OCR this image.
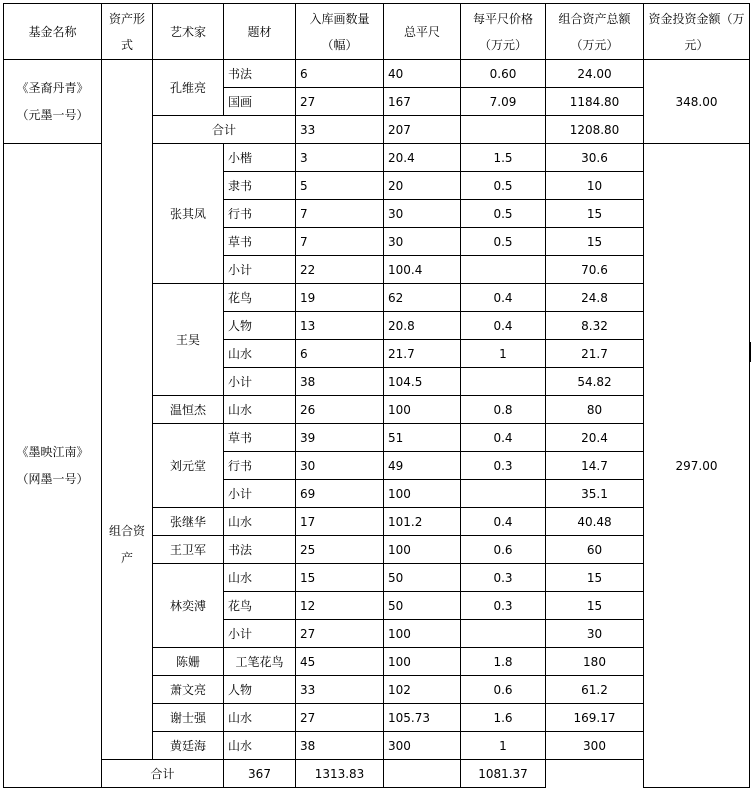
基金名称	资产形式	艺术家	题材	入库画数量（幅）	总平尺	每平尺价格（万元）	组合资产总额（万元）	资金投资金额（万元）
《圣裔丹青》（元墨一号）	组合资产	孔维亮	书法	6	40	0.60	24.00	348.00
			国画	27	167	7.09	1184.80	
		合计		33	207		1208.80	

《墨映江南》（网墨一号）		张其凤	小楷	3	20.4	1.5	30.6	297.00
			隶书	5	20	0.5	10	
			行书	7	30	0.5	15	
			草书	7	30	0.5	15	
			小计	22	100.4		70.6	
		王昊	花鸟	19	62	0.4	24.8	
			人物	13	20.8	0.4	8.32	
			山水	6	21.7	1	21.7	
			小计	38	104.5		54.82	
		温恒杰	山水	26	100	0.8	80	
		刘元堂	草书	39	51	0.4	20.4	
			行书	30	49	0.3	14.7	
			小计	69	100		35.1	
		张继华	山水	17	101.2	0.4	40.48	
		王卫军	书法	25	100	0.6	60	
		林奕溥	山水	15	50	0.3	15	
			花鸟	12	50	0.3	15	
			小计	27	100		30	
		陈姗	工笔花鸟	45	100	1.8	180	
		萧文亮	人物	33	102	0.6	61.2	
		谢士强	山水	27	105.73	1.6	169.17	
		黄廷海	山水	38	300	1	300	
	合计		367	1313.83		1081.37		
